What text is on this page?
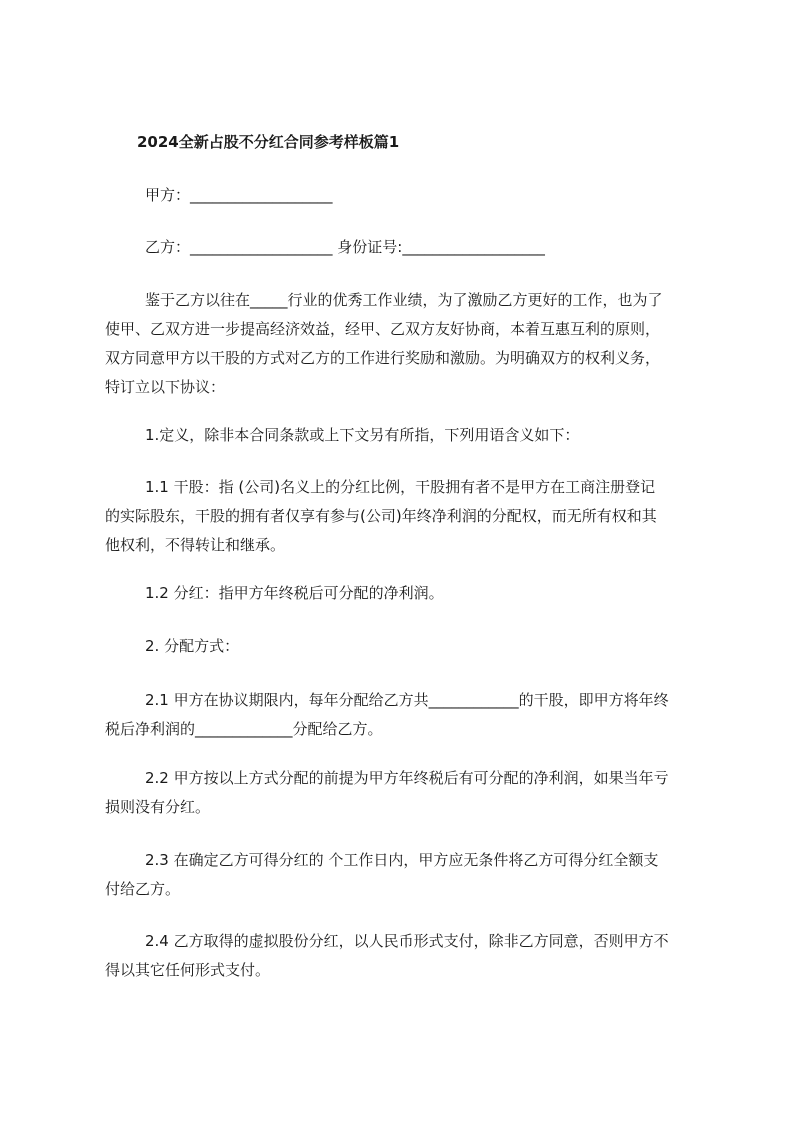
2024全新占股不分红合同参考样板篇1
甲方：___________________
乙方：___________________ 身份证号:___________________
鉴于乙方以往在_____行业的优秀工作业绩，为了激励乙方更好的工作，也为了
使甲、乙双方进一步提高经济效益，经甲、乙双方友好协商，本着互惠互利的原则，
双方同意甲方以干股的方式对乙方的工作进行奖励和激励。为明确双方的权利义务，
特订立以下协议：
1.定义，除非本合同条款或上下文另有所指，下列用语含义如下：
1.1 干股：指 (公司)名义上的分红比例，干股拥有者不是甲方在工商注册登记
的实际股东，干股的拥有者仅享有参与(公司)年终净利润的分配权，而无所有权和其
他权利，不得转让和继承。
1.2 分红：指甲方年终税后可分配的净利润。
2. 分配方式：
2.1 甲方在协议期限内，每年分配给乙方共____________的干股，即甲方将年终
税后净利润的_____________分配给乙方。
2.2 甲方按以上方式分配的前提为甲方年终税后有可分配的净利润，如果当年亏
损则没有分红。
2.3 在确定乙方可得分红的 个工作日内，甲方应无条件将乙方可得分红全额支
付给乙方。
2.4 乙方取得的虚拟股份分红，以人民币形式支付，除非乙方同意，否则甲方不
得以其它任何形式支付。
